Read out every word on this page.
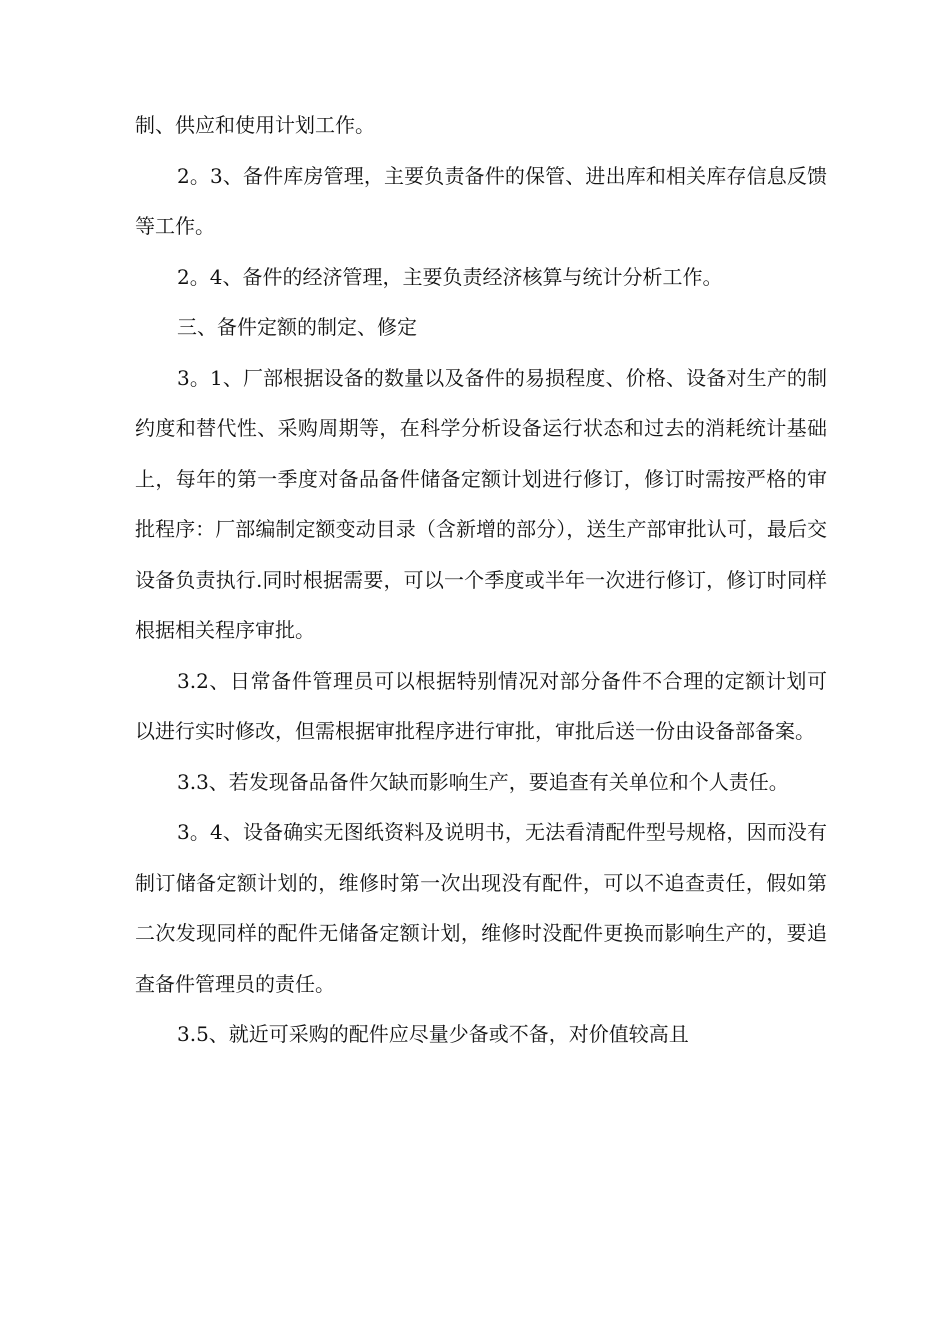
制、供应和使用计划工作。

2。3、备件库房管理，主要负责备件的保管、进出库和相关库存信息反馈等工作。

2。4、备件的经济管理，主要负责经济核算与统计分析工作。

三、备件定额的制定、修定

3。1、厂部根据设备的数量以及备件的易损程度、价格、设备对生产的制约度和替代性、采购周期等，在科学分析设备运行状态和过去的消耗统计基础上，每年的第一季度对备品备件储备定额计划进行修订，修订时需按严格的审批程序：厂部编制定额变动目录（含新增的部分），送生产部审批认可，最后交设备负责执行.同时根据需要，可以一个季度或半年一次进行修订，修订时同样根据相关程序审批。

3.2、日常备件管理员可以根据特别情况对部分备件不合理的定额计划可以进行实时修改，但需根据审批程序进行审批，审批后送一份由设备部备案。

3.3、若发现备品备件欠缺而影响生产，要追查有关单位和个人责任。

3。4、设备确实无图纸资料及说明书，无法看清配件型号规格，因而没有制订储备定额计划的，维修时第一次出现没有配件，可以不追查责任，假如第二次发现同样的配件无储备定额计划，维修时没配件更换而影响生产的，要追查备件管理员的责任。

3.5、就近可采购的配件应尽量少备或不备，对价值较高且
